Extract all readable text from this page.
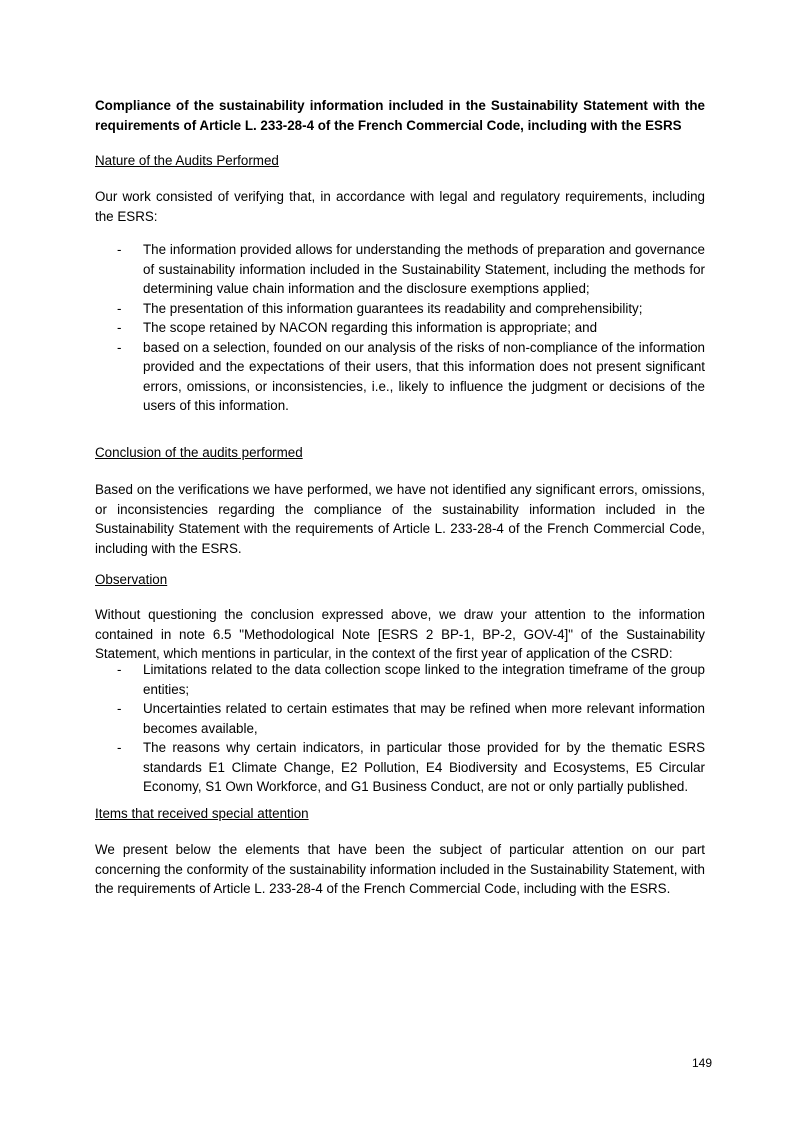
Compliance of the sustainability information included in the Sustainability Statement with the requirements of Article L. 233-28-4 of the French Commercial Code, including with the ESRS

Nature of the Audits Performed

Our work consisted of verifying that, in accordance with legal and regulatory requirements, including the ESRS:

- The information provided allows for understanding the methods of preparation and governance of sustainability information included in the Sustainability Statement, including the methods for determining value chain information and the disclosure exemptions applied;
- The presentation of this information guarantees its readability and comprehensibility;
- The scope retained by NACON regarding this information is appropriate; and
- based on a selection, founded on our analysis of the risks of non-compliance of the information provided and the expectations of their users, that this information does not present significant errors, omissions, or inconsistencies, i.e., likely to influence the judgment or decisions of the users of this information.

Conclusion of the audits performed

Based on the verifications we have performed, we have not identified any significant errors, omissions, or inconsistencies regarding the compliance of the sustainability information included in the Sustainability Statement with the requirements of Article L. 233-28-4 of the French Commercial Code, including with the ESRS.

Observation

Without questioning the conclusion expressed above, we draw your attention to the information contained in note 6.5 "Methodological Note [ESRS 2 BP-1, BP-2, GOV-4]" of the Sustainability Statement, which mentions in particular, in the context of the first year of application of the CSRD:

- Limitations related to the data collection scope linked to the integration timeframe of the group entities;
- Uncertainties related to certain estimates that may be refined when more relevant information becomes available,
- The reasons why certain indicators, in particular those provided for by the thematic ESRS standards E1 Climate Change, E2 Pollution, E4 Biodiversity and Ecosystems, E5 Circular Economy, S1 Own Workforce, and G1 Business Conduct, are not or only partially published.

Items that received special attention

We present below the elements that have been the subject of particular attention on our part concerning the conformity of the sustainability information included in the Sustainability Statement, with the requirements of Article L. 233-28-4 of the French Commercial Code, including with the ESRS.

149
